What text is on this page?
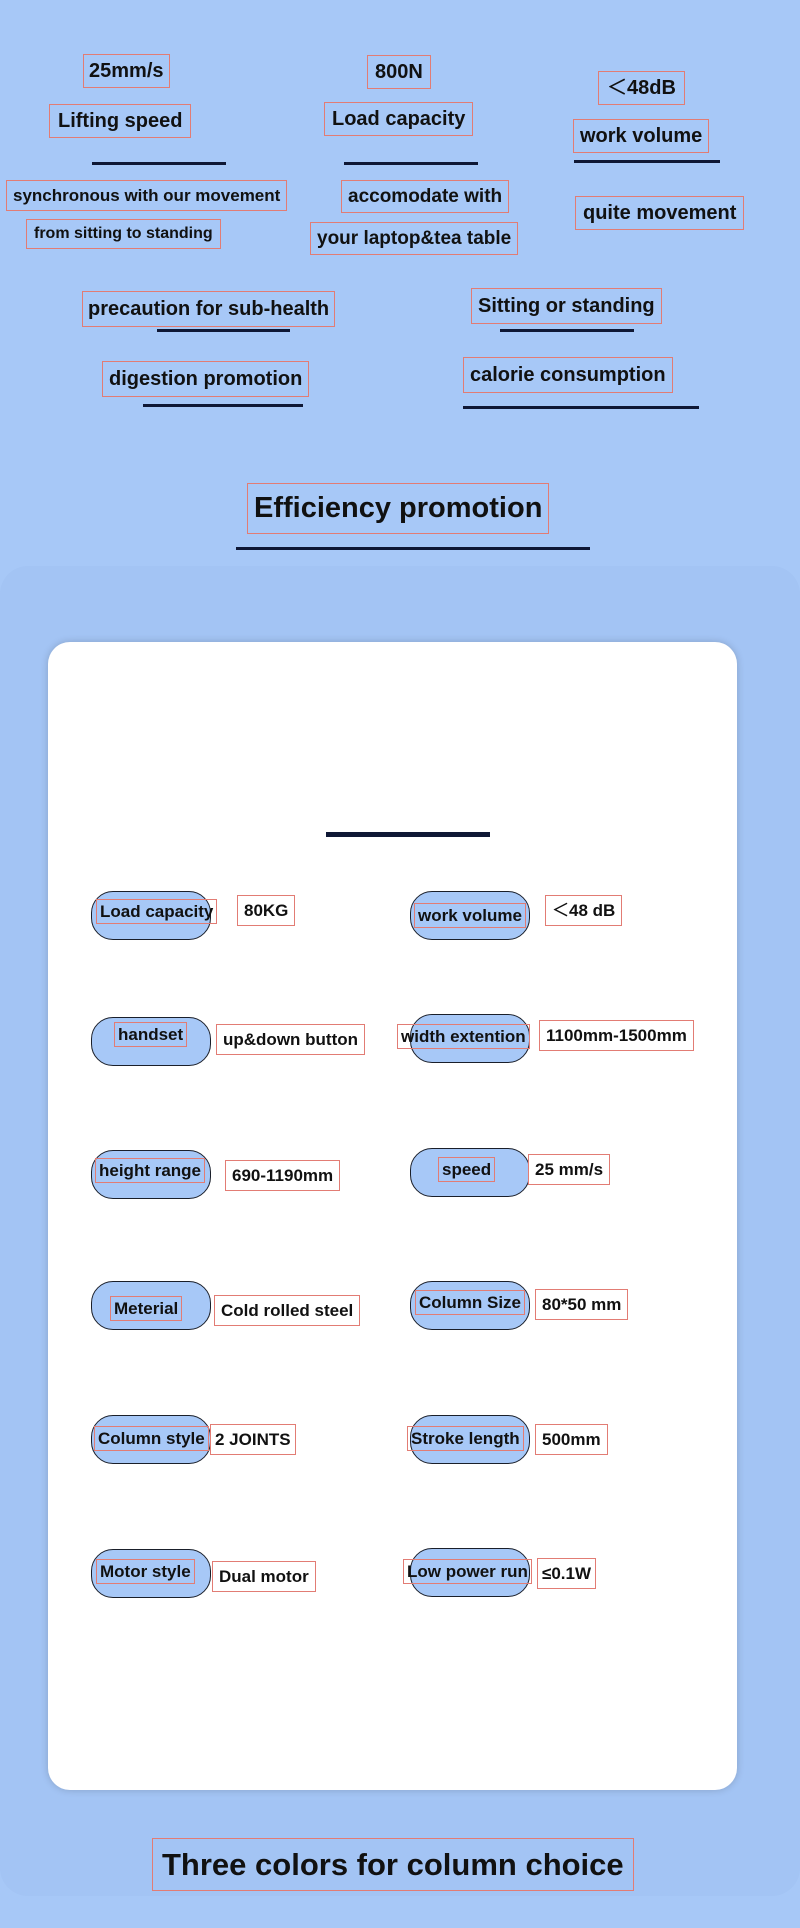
25mm/s
Lifting speed
synchronous with our movement
from sitting to standing
800N
Load capacity
accomodate with
your laptop&tea table
＜48dB
work volume
quite movement
precaution for sub-health	Sitting or standing
digestion promotion	calorie consumption
Efficiency promotion
Load capacity	80KG
handset	up&down button
height range	690-1190mm
Meterial	Cold rolled steel
Column style 2 JOINTS
Motor style	Dual motor
work volume	＜48 dB
width extention	1100mm-1500mm
speed	25 mm/s
Column Size	80*50 mm
Stroke length	500mm
Low power run ≤0.1W
Three colors for column choice
